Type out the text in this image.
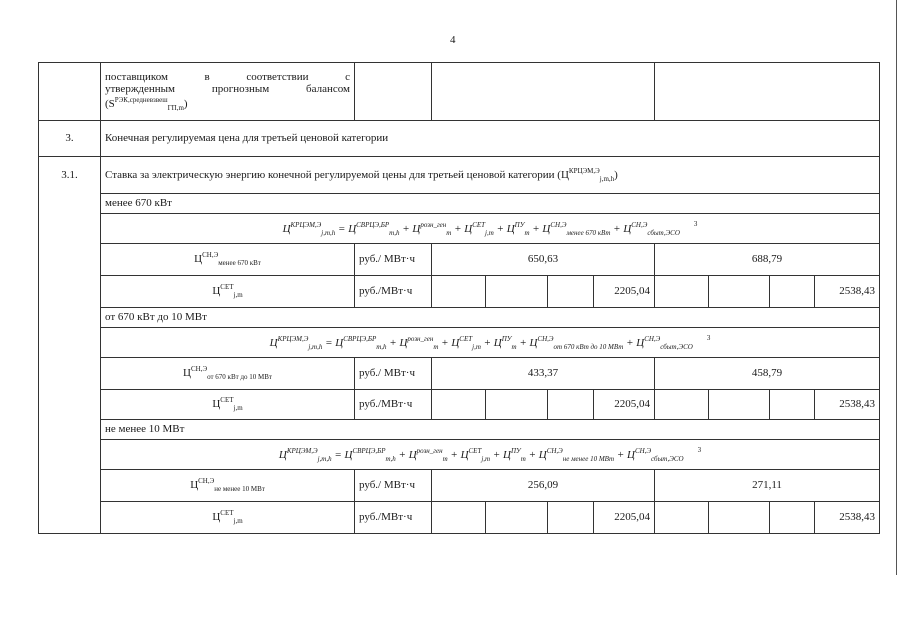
4

	поставщиком в соответствии с
утвержденным прогнозным балансом
$(S^{РЭК,средневзвеш}_{ГП,m})$									

3.	Конечная регулируемая цена для третьей ценовой категории									
3.1.	Ставка за электрическую энергию конечной регулируемой цены для третьей ценовой категории $(Ц^{КРЦЭМ,Э}_{j,m,h})$									
	менее 670 кВт									
	$Ц^{КРЦЭМ,Э}_{j,m,h} = Ц^{СВРЦЭ,БР}_{m,h} + Ц^{розн\_ген}_m + Ц^{СЕТ}_{j,m} + Ц^{ПУ}_m + Ц^{СН,Э}_{менее 670 кВт} + Ц^{СН,Э}_{сбыт,ЭСО}^3$
	$Ц^{СН,Э}_{менее 670 кВт}$	руб./ МВт·ч	650,63				688,79			
	$Ц^{СЕТ}_{j,m}$	руб./МВт·ч				2205,04				2538,43
	от 670 кВт до 10 МВт									
	$Ц^{КРЦЭМ,Э}_{j,m,h} = Ц^{СВРЦЭ,БР}_{m,h} + Ц^{розн\_ген}_m + Ц^{СЕТ}_{j,m} + Ц^{ПУ}_m + Ц^{СН,Э}_{от 670 кВт до 10 МВт} + Ц^{СН,Э}_{сбыт,ЭСО}^3$
	$Ц^{СН,Э}_{от 670 кВт до 10 МВт}$	руб./ МВт·ч	433,37				458,79			
	$Ц^{СЕТ}_{j,m}$	руб./МВт·ч				2205,04				2538,43
	не менее 10 МВт									
	$Ц^{КРЦЭМ,Э}_{j,m,h} = Ц^{СВРЦЭ,БР}_{m,h} + Ц^{розн\_ген}_m + Ц^{СЕТ}_{j,m} + Ц^{ПУ}_m + Ц^{СН,Э}_{не менее 10 МВт} + Ц^{СН,Э}_{сбыт,ЭСО}^3$
	$Ц^{СН,Э}_{не менее 10 МВт}$	руб./ МВт·ч	256,09				271,11			
	$Ц^{СЕТ}_{j,m}$	руб./МВт·ч				2205,04				2538,43
